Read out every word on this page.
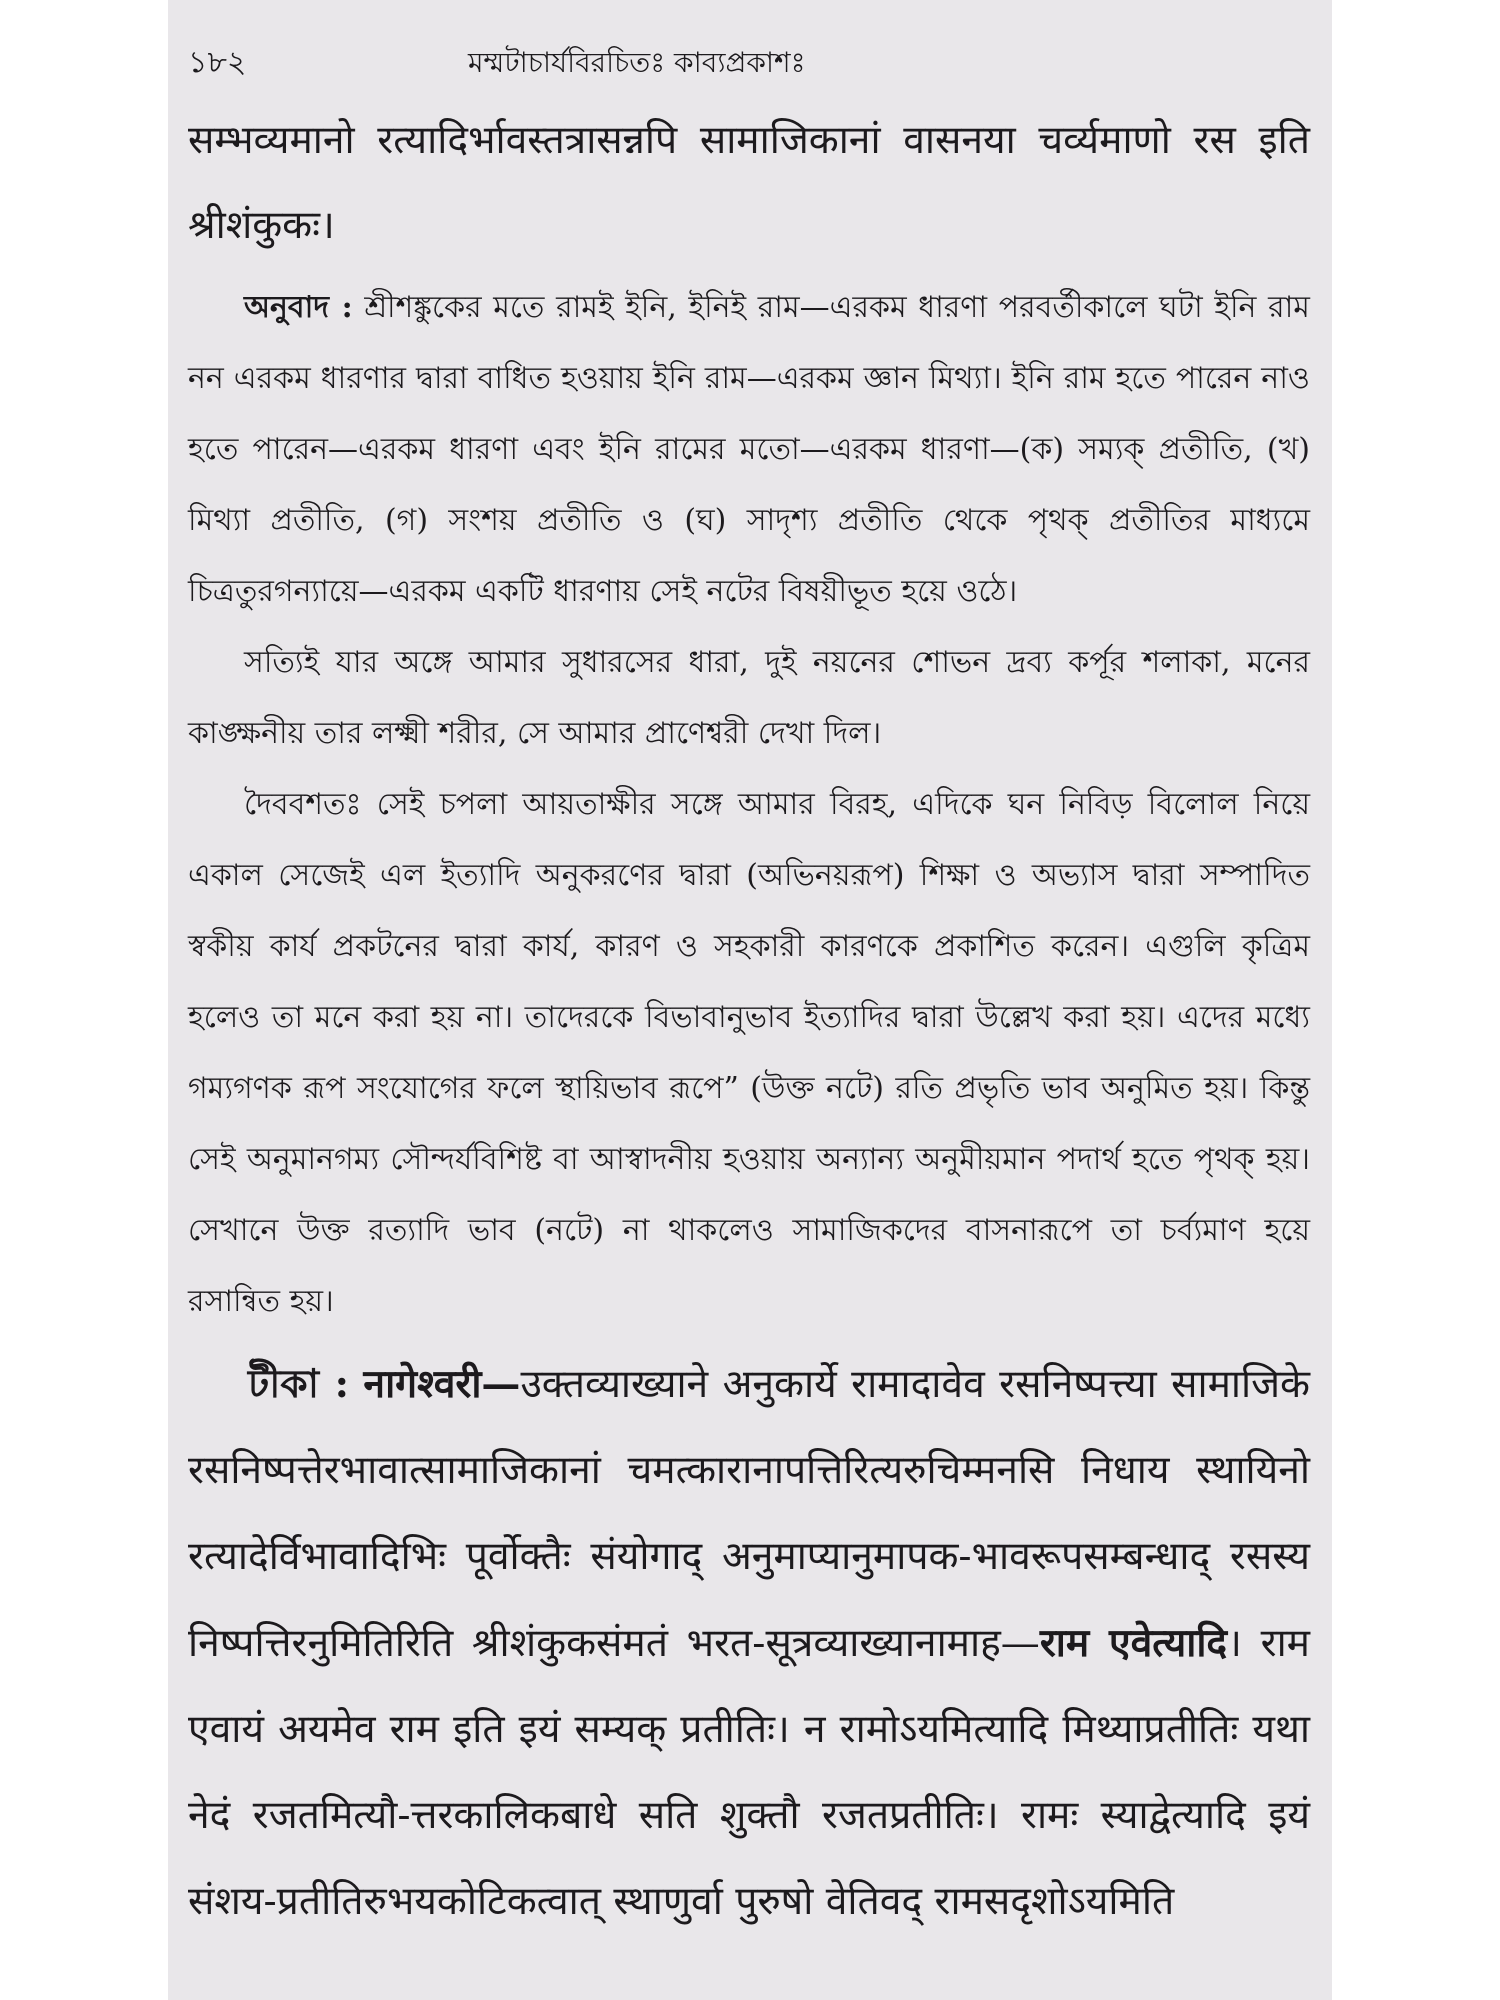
১৮২	মম্মটাচার্যবিরচিতঃ কাব্যপ্রকাশঃ

सम्भव्यमानो रत्यादिर्भावस्तत्रासन्नपि सामाजिकानां वासनया चर्व्यमाणो रस इति श्रीशंकुकः।

অনুবাদ : শ্রীশঙ্কুকের মতে রামই ইনি, ইনিই রাম—এরকম ধারণা পরবর্তীকালে ঘটা ইনি রাম নন এরকম ধারণার দ্বারা বাধিত হওয়ায় ইনি রাম—এরকম জ্ঞান মিথ্যা। ইনি রাম হতে পারেন নাও হতে পারেন—এরকম ধারণা এবং ইনি রামের মতো—এরকম ধারণা—(ক) সম্যক্ প্রতীতি, (খ) মিথ্যা প্রতীতি, (গ) সংশয় প্রতীতি ও (ঘ) সাদৃশ্য প্রতীতি থেকে পৃথক্ প্রতীতির মাধ্যমে চিত্রতুরগন্যায়ে—এরকম একটি ধারণায় সেই নটের বিষয়ীভূত হয়ে ওঠে।

সত্যিই যার অঙ্গে আমার সুধারসের ধারা, দুই নয়নের শোভন দ্রব্য কর্পূর শলাকা, মনের কাঙ্ক্ষনীয় তার লক্ষ্মী শরীর, সে আমার প্রাণেশ্বরী দেখা দিল।

দৈববশতঃ সেই চপলা আয়তাক্ষীর সঙ্গে আমার বিরহ, এদিকে ঘন নিবিড় বিলোল নিয়ে একাল সেজেই এল ইত্যাদি অনুকরণের দ্বারা (অভিনয়রূপ) শিক্ষা ও অভ্যাস দ্বারা সম্পাদিত স্বকীয় কার্য প্রকটনের দ্বারা কার্য, কারণ ও সহকারী কারণকে প্রকাশিত করেন। এগুলি কৃত্রিম হলেও তা মনে করা হয় না। তাদেরকে বিভাবানুভাব ইত্যাদির দ্বারা উল্লেখ করা হয়। এদের মধ্যে গম্যগণক রূপ সংযোগের ফলে স্থায়িভাব রূপে” (উক্ত নটে) রতি প্রভৃতি ভাব অনুমিত হয়। কিন্তু সেই অনুমানগম্য সৌন্দর্যবিশিষ্ট বা আস্বাদনীয় হওয়ায় অন্যান্য অনুমীয়মান পদার্থ হতে পৃথক্ হয়। সেখানে উক্ত রত্যাদি ভাব (নটে) না থাকলেও সামাজিকদের বাসনারূপে তা চর্ব্যমাণ হয়ে রসান্বিত হয়।

টীকা : नागेश्वरी—उक्तव्याख्याने अनुकार्ये रामादावेव रसनिष्पत्त्या सामाजिके रसनिष्पत्तेरभावात्सामाजिकानां चमत्कारानापत्तिरित्यरुचिम्मनसि निधाय स्थायिनो रत्यादेर्विभावादिभिः पूर्वोक्तैः संयोगाद् अनुमाप्यानुमापक-भावरूपसम्बन्धाद् रसस्य निष्पत्तिरनुमितिरिति श्रीशंकुकसंमतं भरत-सूत्रव्याख्यानामाह—राम एवेत्यादि। राम एवायं अयमेव राम इति इयं सम्यक् प्रतीतिः। न रामोऽयमित्यादि मिथ्याप्रतीतिः यथा नेदं रजतमित्यौ-त्तरकालिकबाधे सति शुक्तौ रजतप्रतीतिः। रामः स्याद्वेत्यादि इयं संशय-प्रतीतिरुभयकोटिकत्वात् स्थाणुर्वा पुरुषो वेतिवद् रामसदृशोऽयमिति
